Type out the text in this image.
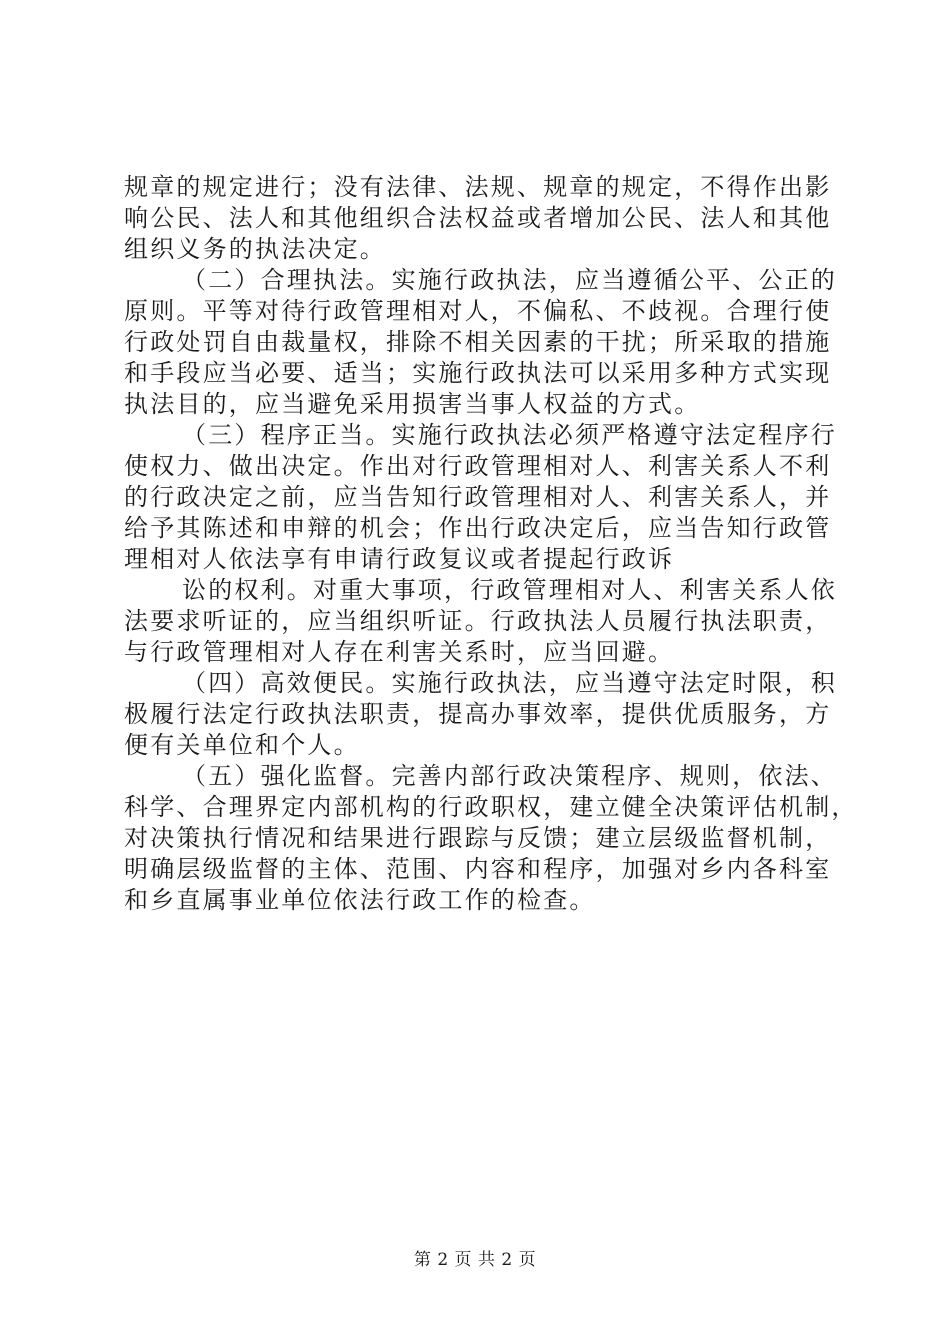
规章的规定进行；没有法律、法规、规章的规定，不得作出影
响公民、法人和其他组织合法权益或者增加公民、法人和其他
组织义务的执法决定。
（二）合理执法。实施行政执法，应当遵循公平、公正的
原则。平等对待行政管理相对人，不偏私、不歧视。合理行使
行政处罚自由裁量权，排除不相关因素的干扰；所采取的措施
和手段应当必要、适当；实施行政执法可以采用多种方式实现
执法目的，应当避免采用损害当事人权益的方式。
（三）程序正当。实施行政执法必须严格遵守法定程序行
使权力、做出决定。作出对行政管理相对人、利害关系人不利
的行政决定之前，应当告知行政管理相对人、利害关系人，并
给予其陈述和申辩的机会；作出行政决定后，应当告知行政管
理相对人依法享有申请行政复议或者提起行政诉
讼的权利。对重大事项，行政管理相对人、利害关系人依
法要求听证的，应当组织听证。行政执法人员履行执法职责，
与行政管理相对人存在利害关系时，应当回避。
（四）高效便民。实施行政执法，应当遵守法定时限，积
极履行法定行政执法职责，提高办事效率，提供优质服务，方
便有关单位和个人。
（五）强化监督。完善内部行政决策程序、规则，依法、
科学、合理界定内部机构的行政职权，建立健全决策评估机制，
对决策执行情况和结果进行跟踪与反馈；建立层级监督机制，
明确层级监督的主体、范围、内容和程序，加强对乡内各科室
和乡直属事业单位依法行政工作的检查。
第 2 页 共 2 页
